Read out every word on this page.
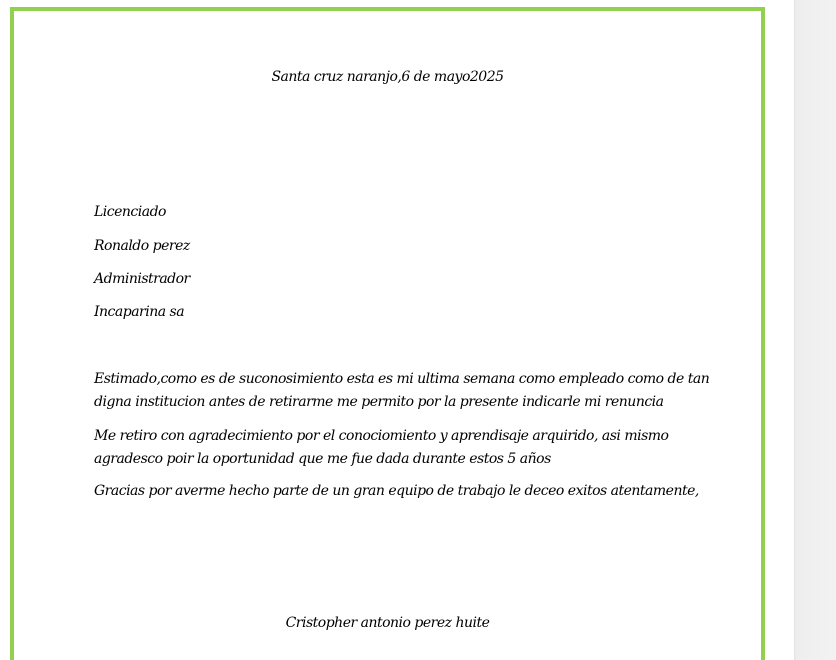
Santa cruz naranjo,6 de mayo2025
Licenciado
Ronaldo perez
Administrador
Incaparina sa
Estimado,como es de suconosimiento esta es mi ultima semana como empleado como de tan
digna institucion antes de retirarme me permito por la presente indicarle mi renuncia
Me retiro con agradecimiento por el conociomiento y aprendisaje arquirido, asi mismo
agradesco poir la oportunidad que me fue dada durante estos 5 años
Gracias por averme hecho parte de un gran equipo de trabajo le deceo exitos atentamente,
Cristopher antonio perez huite
